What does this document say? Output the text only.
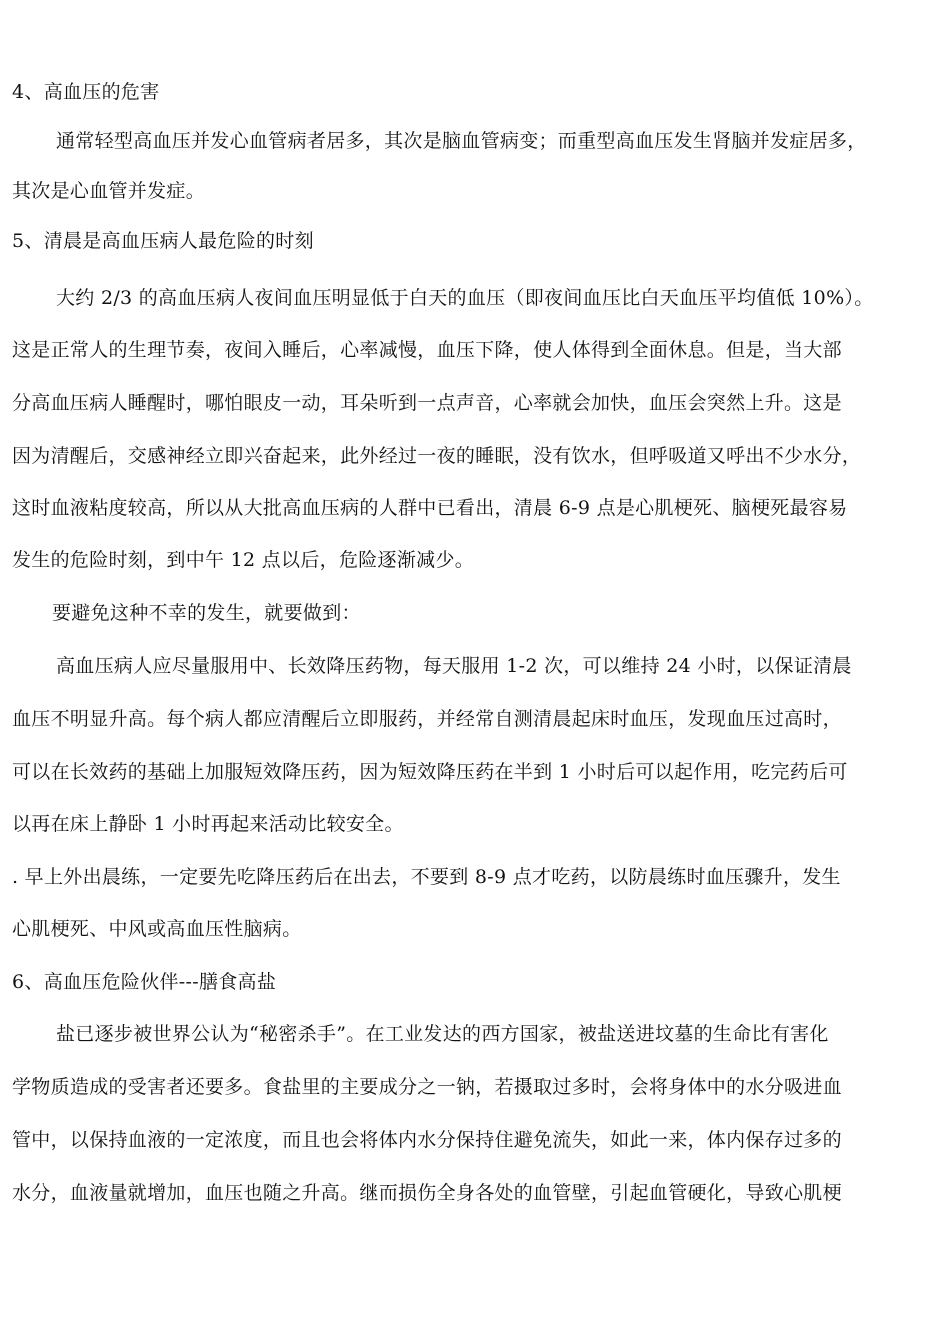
4、高血压的危害
通常轻型高血压并发心血管病者居多，其次是脑血管病变；而重型高血压发生肾脑并发症居多，
其次是心血管并发症。
5、清晨是高血压病人最危险的时刻
大约 2/3 的高血压病人夜间血压明显低于白天的血压（即夜间血压比白天血压平均值低 10%）。
这是正常人的生理节奏，夜间入睡后，心率减慢，血压下降，使人体得到全面休息。但是，当大部
分高血压病人睡醒时，哪怕眼皮一动，耳朵听到一点声音，心率就会加快，血压会突然上升。这是
因为清醒后，交感神经立即兴奋起来，此外经过一夜的睡眠，没有饮水，但呼吸道又呼出不少水分，
这时血液粘度较高，所以从大批高血压病的人群中已看出，清晨 6-9 点是心肌梗死、脑梗死最容易
发生的危险时刻，到中午 12 点以后，危险逐渐减少。
要避免这种不幸的发生，就要做到：
高血压病人应尽量服用中、长效降压药物，每天服用 1-2 次，可以维持 24 小时，以保证清晨
血压不明显升高。每个病人都应清醒后立即服药，并经常自测清晨起床时血压，发现血压过高时，
可以在长效药的基础上加服短效降压药，因为短效降压药在半到 1 小时后可以起作用，吃完药后可
以再在床上静卧 1 小时再起来活动比较安全。
. 早上外出晨练，一定要先吃降压药后在出去，不要到 8-9 点才吃药，以防晨练时血压骤升，发生
心肌梗死、中风或高血压性脑病。
6、高血压危险伙伴---膳食高盐
盐已逐步被世界公认为“秘密杀手”。在工业发达的西方国家，被盐送进坟墓的生命比有害化
学物质造成的受害者还要多。食盐里的主要成分之一钠，若摄取过多时，会将身体中的水分吸进血
管中，以保持血液的一定浓度，而且也会将体内水分保持住避免流失，如此一来，体内保存过多的
水分，血液量就增加，血压也随之升高。继而损伤全身各处的血管壁，引起血管硬化，导致心肌梗
